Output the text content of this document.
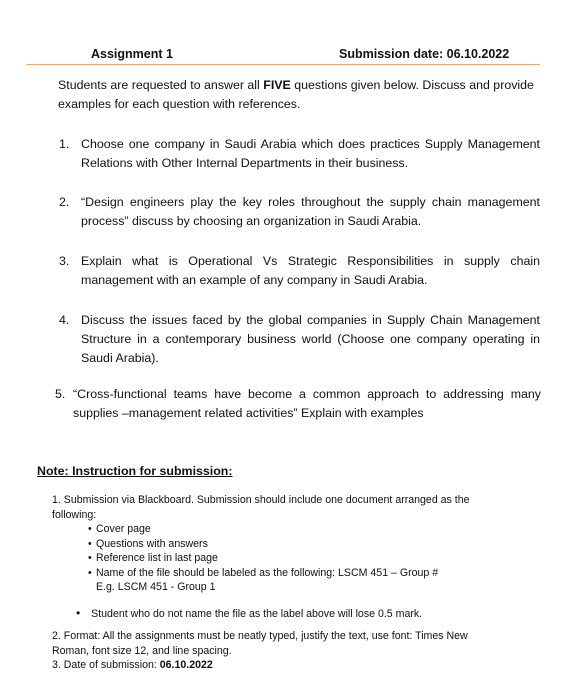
Assignment 1	Submission date: 06.10.2022
Students are requested to answer all FIVE questions given below. Discuss and provide examples for each question with references.
1. Choose one company in Saudi Arabia which does practices Supply Management Relations with Other Internal Departments in their business.
2. “Design engineers play the key roles throughout the supply chain management process” discuss by choosing an organization in Saudi Arabia.
3. Explain what is Operational Vs Strategic Responsibilities in supply chain management with an example of any company in Saudi Arabia.
4. Discuss the issues faced by the global companies in Supply Chain Management Structure in a contemporary business world (Choose one company operating in Saudi Arabia).
5. “Cross-functional teams have become a common approach to addressing many supplies –management related activities” Explain with examples
Note: Instruction for submission:
1. Submission via Blackboard. Submission should include one document arranged as the following:
• Cover page
• Questions with answers
• Reference list in last page
• Name of the file should be labeled as the following: LSCM 451 – Group #
E.g. LSCM 451 - Group 1
• Student who do not name the file as the label above will lose 0.5 mark.
2. Format: All the assignments must be neatly typed, justify the text, use font: Times New Roman, font size 12, and line spacing.
3. Date of submission: 06.10.2022
